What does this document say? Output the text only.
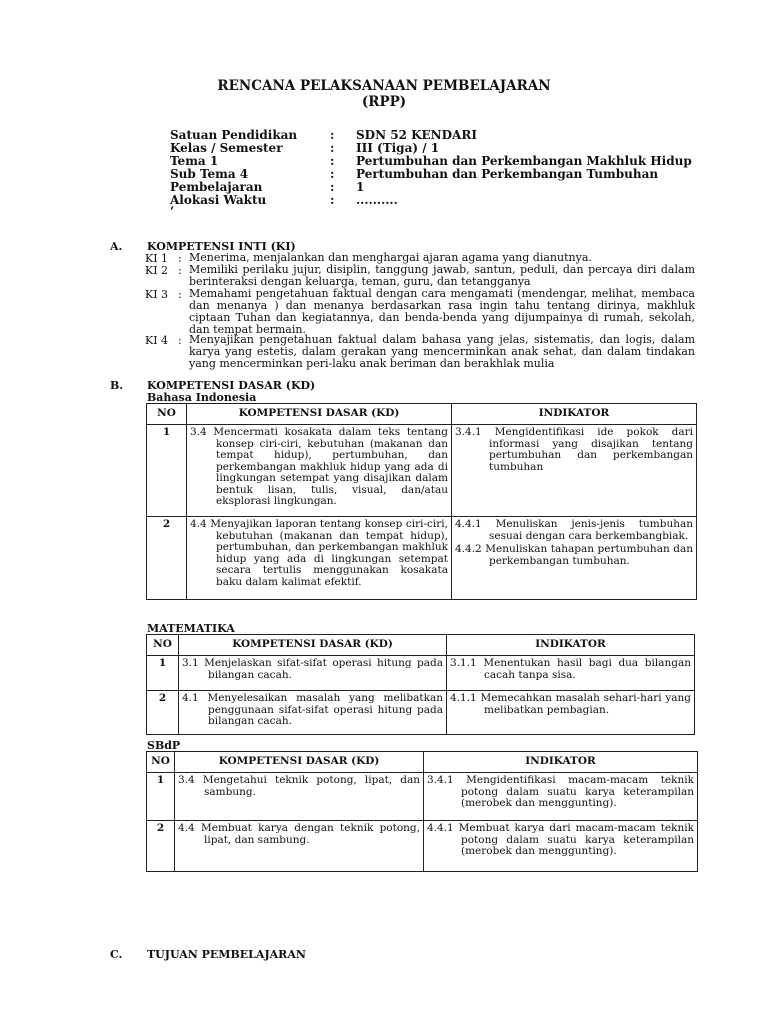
RENCANA PELAKSANAAN PEMBELAJARAN
(RPP)
Satuan Pendidikan	:	SDN 52 KENDARI
Kelas / Semester	:	III (Tiga) / 1
Tema 1	:	Pertumbuhan dan Perkembangan Makhluk Hidup
Sub Tema 4	:	Pertumbuhan dan Perkembangan Tumbuhan
Pembelajaran	:	1
Alokasi Waktu	:	..........
‘
A. KOMPETENSI INTI (KI)
KI 1 : Menerima, menjalankan dan menghargai ajaran agama yang dianutnya.
KI 2 : Memiliki perilaku jujur, disiplin, tanggung jawab, santun, peduli, dan percaya diri dalam berinteraksi dengan keluarga, teman, guru, dan tetangganya
KI 3 : Memahami pengetahuan faktual dengan cara mengamati (mendengar, melihat, membaca dan menanya ) dan menanya berdasarkan rasa ingin tahu tentang dirinya, makhluk ciptaan Tuhan dan kegiatannya, dan benda-benda yang dijumpainya di rumah, sekolah, dan tempat bermain.
KI 4 : Menyajikan pengetahuan faktual dalam bahasa yang jelas, sistematis, dan logis, dalam karya yang estetis, dalam gerakan yang mencerminkan anak sehat, dan dalam tindakan yang mencerminkan peri-laku anak beriman dan berakhlak mulia
B. KOMPETENSI DASAR (KD)
Bahasa Indonesia
NO	KOMPETENSI DASAR (KD)	INDIKATOR
1	3.4 Mencermati kosakata dalam teks tentang konsep ciri-ciri, kebutuhan (makanan dan tempat hidup), pertumbuhan, dan perkembangan makhluk hidup yang ada di lingkungan setempat yang disajikan dalam bentuk lisan, tulis, visual, dan/atau eksplorasi lingkungan.	3.4.1 Mengidentifikasi ide pokok dari informasi yang disajikan tentang pertumbuhan dan perkembangan tumbuhan

2	4.4 Menyajikan laporan tentang konsep ciri-ciri, kebutuhan (makanan dan tempat hidup), pertumbuhan, dan perkembangan makhluk hidup yang ada di lingkungan setempat secara tertulis menggunakan kosakata baku dalam kalimat efektif.	4.4.1 Menuliskan jenis-jenis tumbuhan sesuai dengan cara berkembangbiak.
4.4.2 Menuliskan tahapan pertumbuhan dan perkembangan tumbuhan.
MATEMATIKA
NO	KOMPETENSI DASAR (KD)	INDIKATOR
1	3.1 Menjelaskan sifat-sifat operasi hitung pada bilangan cacah.	3.1.1 Menentukan hasil bagi dua bilangan cacah tanpa sisa.

2	4.1 Menyelesaikan masalah yang melibatkan penggunaan sifat-sifat operasi hitung pada bilangan cacah.	4.1.1 Memecahkan masalah sehari-hari yang melibatkan pembagian.
SBdP
NO	KOMPETENSI DASAR (KD)	INDIKATOR
1	3.4 Mengetahui teknik potong, lipat, dan sambung.	3.4.1 Mengidentifikasi macam-macam teknik potong dalam suatu karya keterampilan (merobek dan menggunting).

2	4.4 Membuat karya dengan teknik potong, lipat, dan sambung.	4.4.1 Membuat karya dari macam-macam teknik potong dalam suatu karya keterampilan (merobek dan menggunting).
C. TUJUAN PEMBELAJARAN
